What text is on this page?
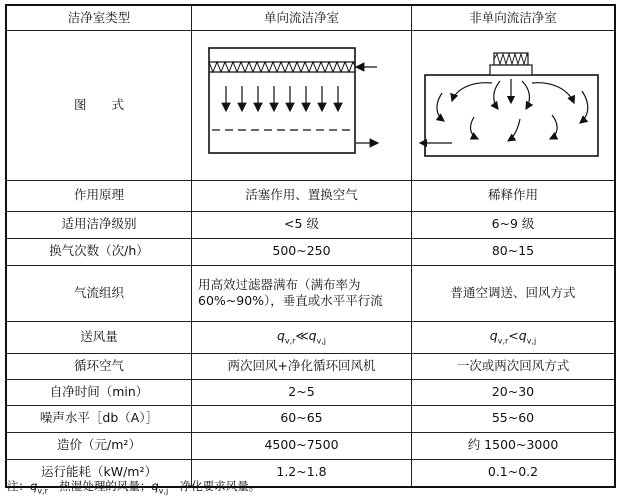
洁净室类型	单向流洁净室	非单向流洁净室
图　　式		
作用原理	活塞作用、置换空气	稀释作用
适用洁净级别	<5 级	6~9 级
换气次数（次/h）	500~250	80~15
气流组织	用高效过滤器满布（满布率为60%~90%），垂直或水平平行流	普通空调送、回风方式
送风量	$q_{v,r}≪q_{v,j}$	$q_{v,r}<q_{v,j}$
循环空气	两次回风+净化循环回风机	一次或两次回风方式
自净时间（min）	2~5	20~30
噪声水平［db（A）］	60~65	55~60
造价（元/m²）	4500~7500	约 1500~3000
运行能耗（kW/m²）	1.2~1.8	0.1~0.2
注：$q_{v,r}—$热湿处理的风量；$q_{v,j}—$净化要求风量。
